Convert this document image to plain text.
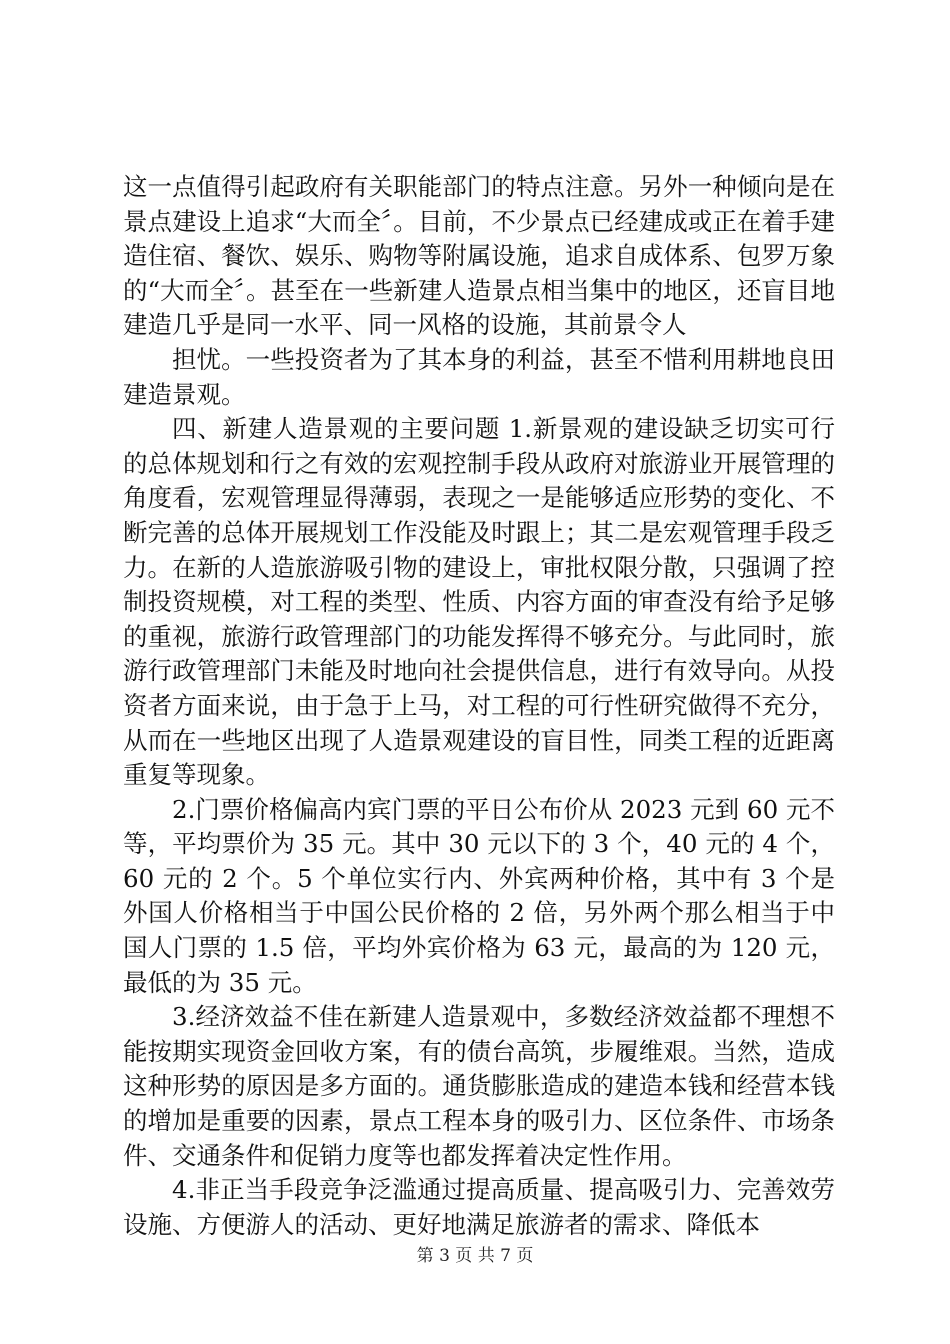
这一点值得引起政府有关职能部门的特点注意。另外一种倾向是在景点建设上追求“大而全〞。目前，不少景点已经建成或正在着手建造住宿、餐饮、娱乐、购物等附属设施，追求自成体系、包罗万象的“大而全〞。甚至在一些新建人造景点相当集中的地区，还盲目地建造几乎是同一水平、同一风格的设施，其前景令人

担忧。一些投资者为了其本身的利益，甚至不惜利用耕地良田建造景观。

四、新建人造景观的主要问题 1.新景观的建设缺乏切实可行的总体规划和行之有效的宏观控制手段从政府对旅游业开展管理的角度看，宏观管理显得薄弱，表现之一是能够适应形势的变化、不断完善的总体开展规划工作没能及时跟上；其二是宏观管理手段乏力。在新的人造旅游吸引物的建设上，审批权限分散，只强调了控制投资规模，对工程的类型、性质、内容方面的审查没有给予足够的重视，旅游行政管理部门的功能发挥得不够充分。与此同时，旅游行政管理部门未能及时地向社会提供信息，进行有效导向。从投资者方面来说，由于急于上马，对工程的可行性研究做得不充分，从而在一些地区出现了人造景观建设的盲目性，同类工程的近距离重复等现象。

2.门票价格偏高内宾门票的平日公布价从 2023 元到 60 元不等，平均票价为 35 元。其中 30 元以下的 3 个，40 元的 4 个，60 元的 2 个。5 个单位实行内、外宾两种价格，其中有 3 个是外国人价格相当于中国公民价格的 2 倍，另外两个那么相当于中国人门票的 1.5 倍，平均外宾价格为 63 元，最高的为 120 元，最低的为 35 元。

3.经济效益不佳在新建人造景观中，多数经济效益都不理想不能按期实现资金回收方案，有的债台高筑，步履维艰。当然，造成这种形势的原因是多方面的。通货膨胀造成的建造本钱和经营本钱的增加是重要的因素，景点工程本身的吸引力、区位条件、市场条件、交通条件和促销力度等也都发挥着决定性作用。

4.非正当手段竞争泛滥通过提高质量、提高吸引力、完善效劳设施、方便游人的活动、更好地满足旅游者的需求、降低本

第 3 页 共 7 页
